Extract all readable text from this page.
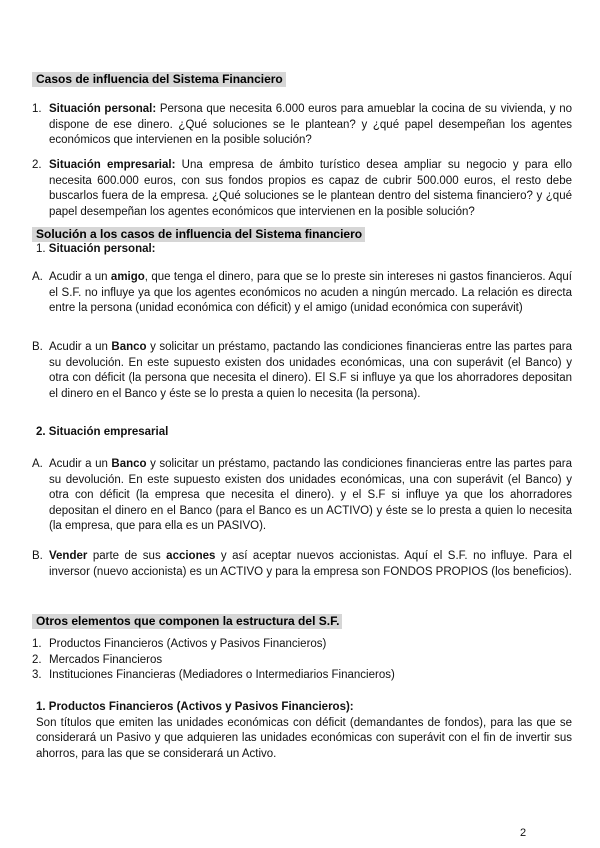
Casos de influencia del Sistema Financiero
1. Situación personal: Persona que necesita 6.000 euros para amueblar la cocina de su vivienda, y no dispone de ese dinero. ¿Qué soluciones se le plantean? y ¿qué papel desempeñan los agentes económicos que intervienen en la posible solución?
2. Situación empresarial: Una empresa de ámbito turístico desea ampliar su negocio y para ello necesita 600.000 euros, con sus fondos propios es capaz de cubrir 500.000 euros, el resto debe buscarlos fuera de la empresa. ¿Qué soluciones se le plantean dentro del sistema financiero? y ¿qué papel desempeñan los agentes económicos que intervienen en la posible solución?
Solución a los casos de influencia del Sistema financiero
1. Situación personal:
A. Acudir a un amigo, que tenga el dinero, para que se lo preste sin intereses ni gastos financieros. Aquí el S.F. no influye ya que los agentes económicos no acuden a ningún mercado. La relación es directa entre la persona (unidad económica con déficit) y el amigo (unidad económica con superávit)
B. Acudir a un Banco y solicitar un préstamo, pactando las condiciones financieras entre las partes para su devolución. En este supuesto existen dos unidades económicas, una con superávit (el Banco) y otra con déficit (la persona que necesita el dinero). El S.F si influye ya que los ahorradores depositan el dinero en el Banco y éste se lo presta a quien lo necesita (la persona).
2. Situación empresarial
A. Acudir a un Banco y solicitar un préstamo, pactando las condiciones financieras entre las partes para su devolución. En este supuesto existen dos unidades económicas, una con superávit (el Banco) y otra con déficit (la empresa que necesita el dinero). y el S.F si influye ya que los ahorradores depositan el dinero en el Banco (para el Banco es un ACTIVO) y éste se lo presta a quien lo necesita (la empresa, que para ella es un PASIVO).
B. Vender parte de sus acciones y así aceptar nuevos accionistas. Aquí el S.F. no influye. Para el inversor (nuevo accionista) es un ACTIVO y para la empresa son FONDOS PROPIOS (los beneficios).
Otros elementos que componen la estructura del S.F.
1. Productos Financieros (Activos y Pasivos Financieros)
2. Mercados Financieros
3. Instituciones Financieras (Mediadores o Intermediarios Financieros)
1. Productos Financieros (Activos y Pasivos Financieros):
Son títulos que emiten las unidades económicas con déficit (demandantes de fondos), para las que se considerará un Pasivo y que adquieren las unidades económicas con superávit con el fin de invertir sus ahorros, para las que se considerará un Activo.
2
